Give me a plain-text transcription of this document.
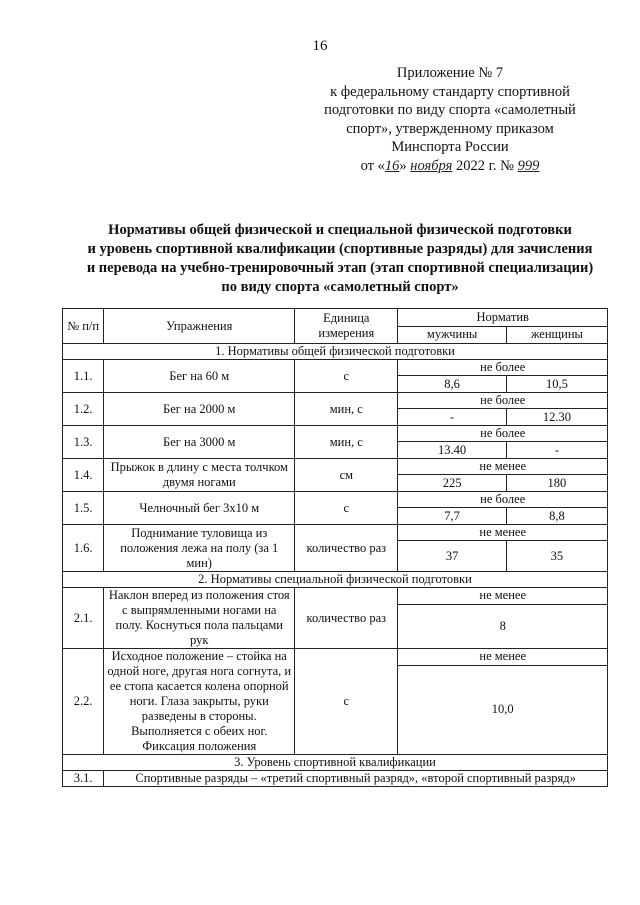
16
Приложение № 7
к федеральному стандарту спортивной
подготовки по виду спорта «самолетный
спорт», утвержденному приказом
Минспорта России
от «16» ноября 2022 г. № 999
Нормативы общей физической и специальной физической подготовки
и уровень спортивной квалификации (спортивные разряды) для зачисления
и перевода на учебно-тренировочный этап (этап спортивной специализации)
по виду спорта «самолетный спорт»
№ п/п	Упражнения	Единица измерения	Норматив	
			мужчины	женщины
1. Нормативы общей физической подготовки				
1.1.	Бег на 60 м	с	не более	
			8,6	10,5
1.2.	Бег на 2000 м	мин, с	не более	
			-	12.30
1.3.	Бег на 3000 м	мин, с	не более	
			13.40	-
1.4.	Прыжок в длину с места толчком двумя ногами	см	не менее	
			225	180
1.5.	Челночный бег 3х10 м	с	не более	
			7,7	8,8
1.6.	Поднимание туловища из положения лежа на полу (за 1 мин)	количество раз	не менее	
			37	35
2. Нормативы специальной физической подготовки				
2.1.	Наклон вперед из положения стоя с выпрямленными ногами на полу. Коснуться пола пальцами рук	количество раз	не менее	
			8	
2.2.	Исходное положение – стойка на одной ноге, другая нога согнута, и ее стопа касается колена опорной ноги. Глаза закрыты, руки разведены в стороны. Выполняется с обеих ног. Фиксация положения	с	не менее	
			10,0	
3. Уровень спортивной квалификации				
3.1.	Спортивные разряды – «третий спортивный разряд», «второй спортивный разряд»			
